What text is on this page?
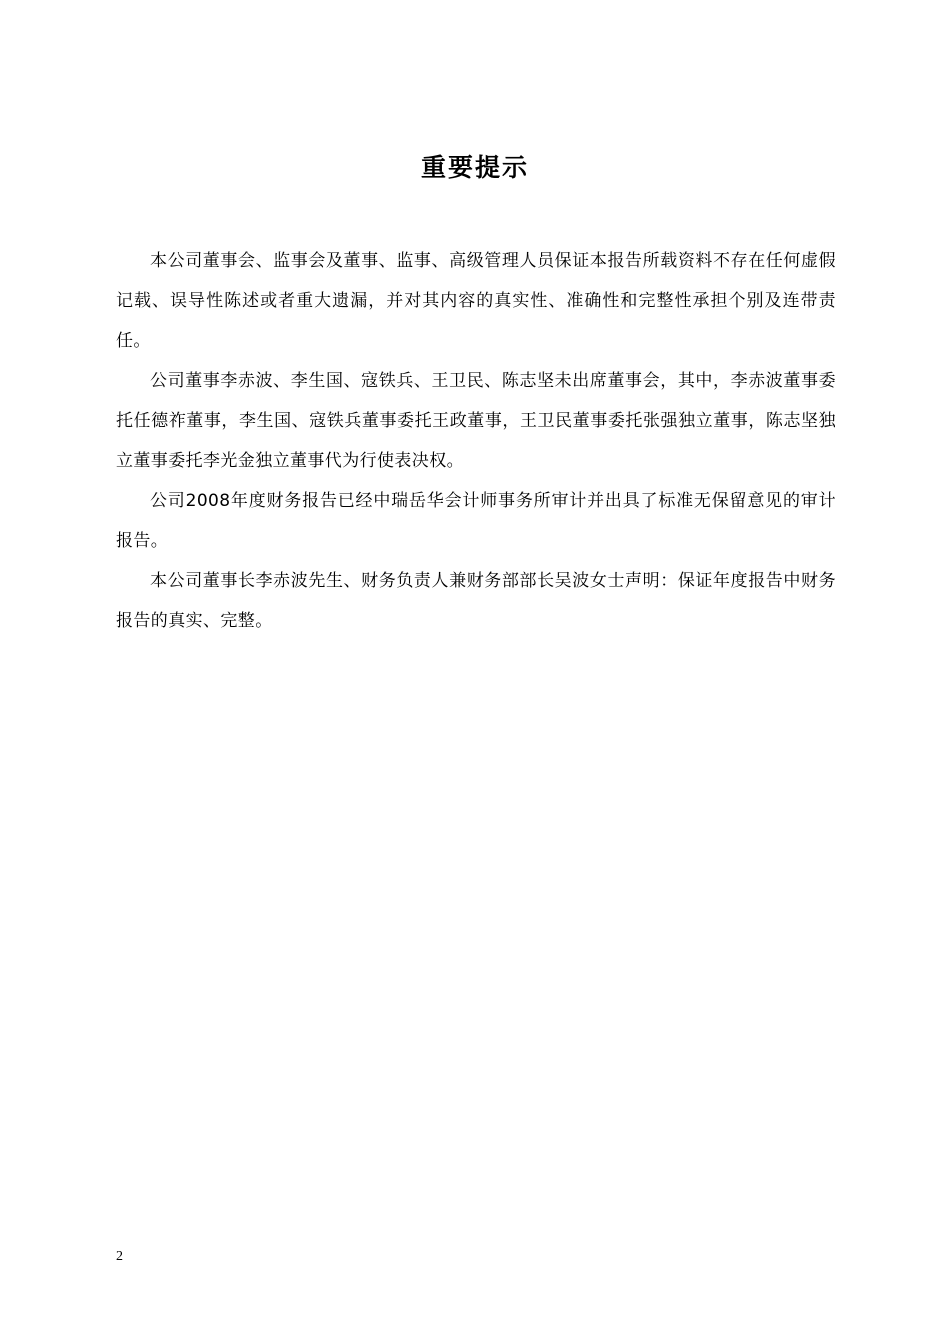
重要提示

本公司董事会、监事会及董事、监事、高级管理人员保证本报告所载资料不存在任何虚假记载、误导性陈述或者重大遗漏，并对其内容的真实性、准确性和完整性承担个别及连带责任。

公司董事李赤波、李生国、寇铁兵、王卫民、陈志坚未出席董事会，其中，李赤波董事委托任德祚董事，李生国、寇铁兵董事委托王政董事，王卫民董事委托张强独立董事，陈志坚独立董事委托李光金独立董事代为行使表决权。

公司2008年度财务报告已经中瑞岳华会计师事务所审计并出具了标准无保留意见的审计报告。

本公司董事长李赤波先生、财务负责人兼财务部部长吴波女士声明：保证年度报告中财务报告的真实、完整。

2
